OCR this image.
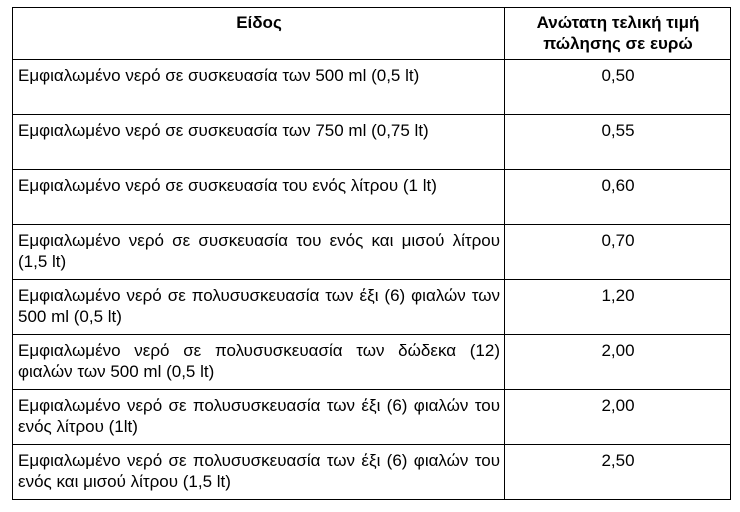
Είδος	Ανώτατη τελική τιμή πώλησης σε ευρώ
Εμφιαλωμένο νερό σε συσκευασία των 500 ml (0,5 lt)	0,50
Εμφιαλωμένο νερό σε συσκευασία των 750 ml (0,75 lt)	0,55
Εμφιαλωμένο νερό σε συσκευασία του ενός λίτρου (1 lt)	0,60
Εμφιαλωμένο νερό σε συσκευασία του ενός και μισού λίτρου (1,5 lt)	0,70
Εμφιαλωμένο νερό σε πολυσυσκευασία των έξι (6) φιαλών των 500 ml (0,5 lt)	1,20
Εμφιαλωμένο νερό σε πολυσυσκευασία των δώδεκα (12) φιαλών των 500 ml (0,5 lt)	2,00
Εμφιαλωμένο νερό σε πολυσυσκευασία των έξι (6) φιαλών του ενός λίτρου (1lt)	2,00
Εμφιαλωμένο νερό σε πολυσυσκευασία των έξι (6) φιαλών του ενός και μισού λίτρου (1,5 lt)	2,50
